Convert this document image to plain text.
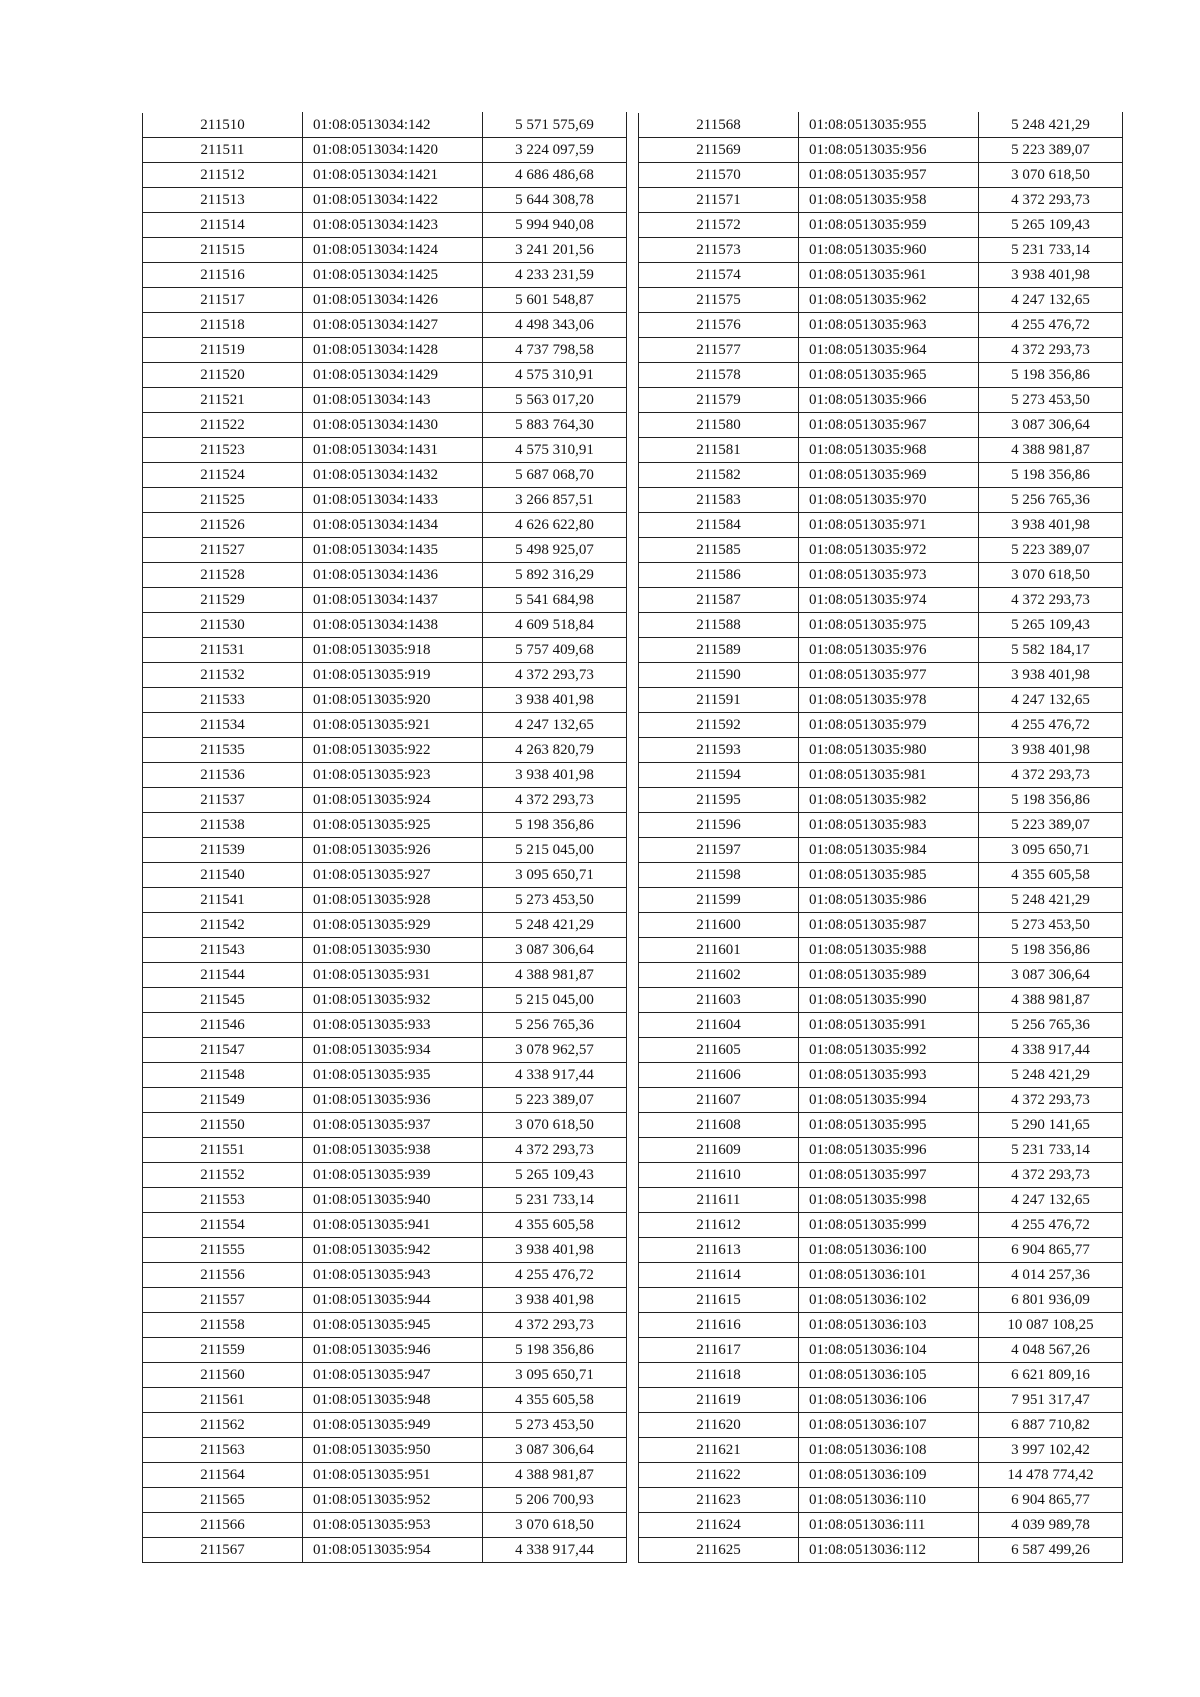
211510	01:08:0513034:142	5 571 575,69
211511	01:08:0513034:1420	3 224 097,59
211512	01:08:0513034:1421	4 686 486,68
211513	01:08:0513034:1422	5 644 308,78
211514	01:08:0513034:1423	5 994 940,08
211515	01:08:0513034:1424	3 241 201,56
211516	01:08:0513034:1425	4 233 231,59
211517	01:08:0513034:1426	5 601 548,87
211518	01:08:0513034:1427	4 498 343,06
211519	01:08:0513034:1428	4 737 798,58
211520	01:08:0513034:1429	4 575 310,91
211521	01:08:0513034:143	5 563 017,20
211522	01:08:0513034:1430	5 883 764,30
211523	01:08:0513034:1431	4 575 310,91
211524	01:08:0513034:1432	5 687 068,70
211525	01:08:0513034:1433	3 266 857,51
211526	01:08:0513034:1434	4 626 622,80
211527	01:08:0513034:1435	5 498 925,07
211528	01:08:0513034:1436	5 892 316,29
211529	01:08:0513034:1437	5 541 684,98
211530	01:08:0513034:1438	4 609 518,84
211531	01:08:0513035:918	5 757 409,68
211532	01:08:0513035:919	4 372 293,73
211533	01:08:0513035:920	3 938 401,98
211534	01:08:0513035:921	4 247 132,65
211535	01:08:0513035:922	4 263 820,79
211536	01:08:0513035:923	3 938 401,98
211537	01:08:0513035:924	4 372 293,73
211538	01:08:0513035:925	5 198 356,86
211539	01:08:0513035:926	5 215 045,00
211540	01:08:0513035:927	3 095 650,71
211541	01:08:0513035:928	5 273 453,50
211542	01:08:0513035:929	5 248 421,29
211543	01:08:0513035:930	3 087 306,64
211544	01:08:0513035:931	4 388 981,87
211545	01:08:0513035:932	5 215 045,00
211546	01:08:0513035:933	5 256 765,36
211547	01:08:0513035:934	3 078 962,57
211548	01:08:0513035:935	4 338 917,44
211549	01:08:0513035:936	5 223 389,07
211550	01:08:0513035:937	3 070 618,50
211551	01:08:0513035:938	4 372 293,73
211552	01:08:0513035:939	5 265 109,43
211553	01:08:0513035:940	5 231 733,14
211554	01:08:0513035:941	4 355 605,58
211555	01:08:0513035:942	3 938 401,98
211556	01:08:0513035:943	4 255 476,72
211557	01:08:0513035:944	3 938 401,98
211558	01:08:0513035:945	4 372 293,73
211559	01:08:0513035:946	5 198 356,86
211560	01:08:0513035:947	3 095 650,71
211561	01:08:0513035:948	4 355 605,58
211562	01:08:0513035:949	5 273 453,50
211563	01:08:0513035:950	3 087 306,64
211564	01:08:0513035:951	4 388 981,87
211565	01:08:0513035:952	5 206 700,93
211566	01:08:0513035:953	3 070 618,50
211567	01:08:0513035:954	4 338 917,44
211568	01:08:0513035:955	5 248 421,29
211569	01:08:0513035:956	5 223 389,07
211570	01:08:0513035:957	3 070 618,50
211571	01:08:0513035:958	4 372 293,73
211572	01:08:0513035:959	5 265 109,43
211573	01:08:0513035:960	5 231 733,14
211574	01:08:0513035:961	3 938 401,98
211575	01:08:0513035:962	4 247 132,65
211576	01:08:0513035:963	4 255 476,72
211577	01:08:0513035:964	4 372 293,73
211578	01:08:0513035:965	5 198 356,86
211579	01:08:0513035:966	5 273 453,50
211580	01:08:0513035:967	3 087 306,64
211581	01:08:0513035:968	4 388 981,87
211582	01:08:0513035:969	5 198 356,86
211583	01:08:0513035:970	5 256 765,36
211584	01:08:0513035:971	3 938 401,98
211585	01:08:0513035:972	5 223 389,07
211586	01:08:0513035:973	3 070 618,50
211587	01:08:0513035:974	4 372 293,73
211588	01:08:0513035:975	5 265 109,43
211589	01:08:0513035:976	5 582 184,17
211590	01:08:0513035:977	3 938 401,98
211591	01:08:0513035:978	4 247 132,65
211592	01:08:0513035:979	4 255 476,72
211593	01:08:0513035:980	3 938 401,98
211594	01:08:0513035:981	4 372 293,73
211595	01:08:0513035:982	5 198 356,86
211596	01:08:0513035:983	5 223 389,07
211597	01:08:0513035:984	3 095 650,71
211598	01:08:0513035:985	4 355 605,58
211599	01:08:0513035:986	5 248 421,29
211600	01:08:0513035:987	5 273 453,50
211601	01:08:0513035:988	5 198 356,86
211602	01:08:0513035:989	3 087 306,64
211603	01:08:0513035:990	4 388 981,87
211604	01:08:0513035:991	5 256 765,36
211605	01:08:0513035:992	4 338 917,44
211606	01:08:0513035:993	5 248 421,29
211607	01:08:0513035:994	4 372 293,73
211608	01:08:0513035:995	5 290 141,65
211609	01:08:0513035:996	5 231 733,14
211610	01:08:0513035:997	4 372 293,73
211611	01:08:0513035:998	4 247 132,65
211612	01:08:0513035:999	4 255 476,72
211613	01:08:0513036:100	6 904 865,77
211614	01:08:0513036:101	4 014 257,36
211615	01:08:0513036:102	6 801 936,09
211616	01:08:0513036:103	10 087 108,25
211617	01:08:0513036:104	4 048 567,26
211618	01:08:0513036:105	6 621 809,16
211619	01:08:0513036:106	7 951 317,47
211620	01:08:0513036:107	6 887 710,82
211621	01:08:0513036:108	3 997 102,42
211622	01:08:0513036:109	14 478 774,42
211623	01:08:0513036:110	6 904 865,77
211624	01:08:0513036:111	4 039 989,78
211625	01:08:0513036:112	6 587 499,26
